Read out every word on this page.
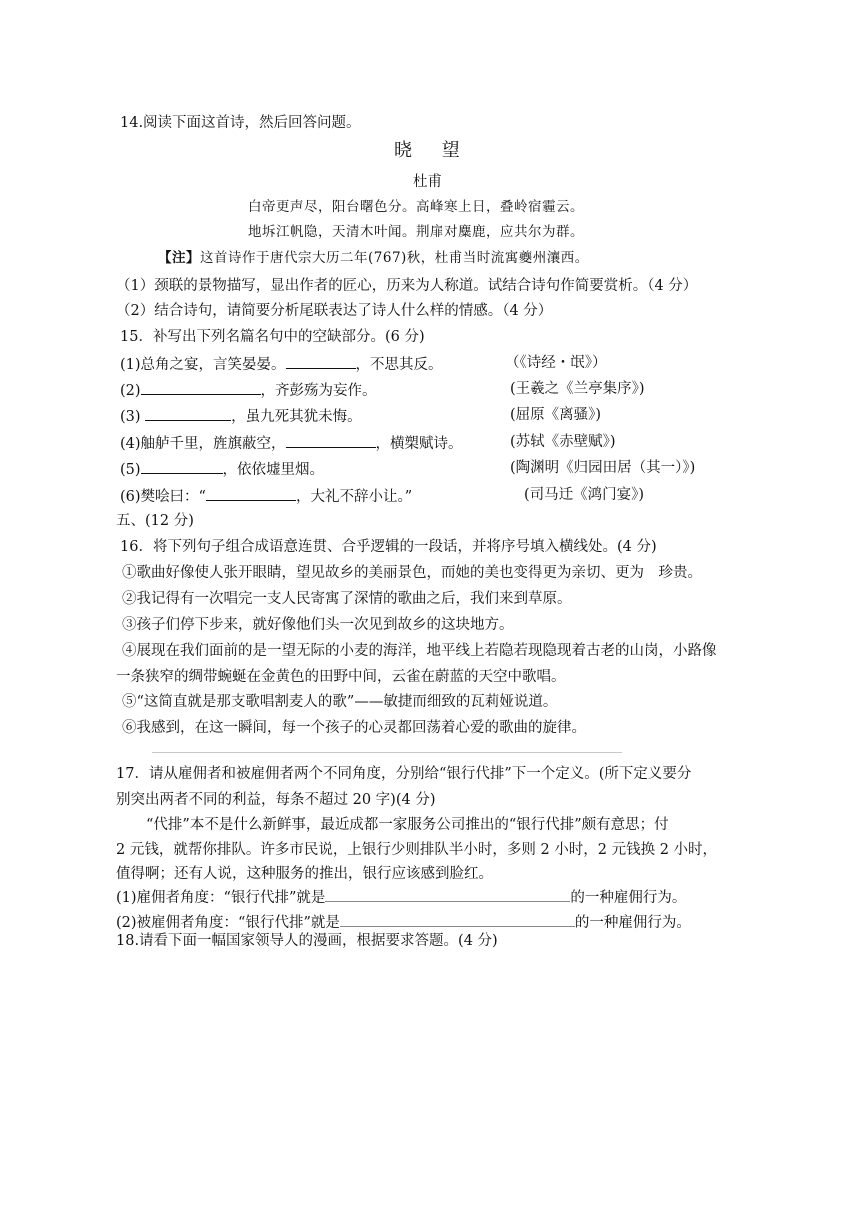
14.阅读下面这首诗，然后回答问题。
晓 望
杜甫
白帝更声尽，阳台曙色分。高峰寒上日，叠岭宿霾云。
地坼江帆隐，天清木叶闻。荆扉对麋鹿，应共尔为群。
【注】这首诗作于唐代宗大历二年(767)秋，杜甫当时流寓夔州瀼西。
（1）颈联的景物描写，显出作者的匠心，历来为人称道。试结合诗句作简要赏析。（4 分）
（2）结合诗句，请简要分析尾联表达了诗人什么样的情感。（4 分）
15．补写出下列名篇名句中的空缺部分。(6 分)
(1)总角之宴，言笑晏晏。	，不思其反。	（《诗经・氓》）
(2)	，齐彭殇为妄作。	(王羲之《兰亭集序》)
(3)	，虽九死其犹未悔。	(屈原《离骚》)
(4)舳舻千里，旌旗蔽空，	，横槊赋诗。	(苏轼《赤壁赋》)
(5)	，依依墟里烟。	(陶渊明《归园田居（其一）》)
(6)樊哙曰：“	，大礼不辞小让。”	(司马迁《鸿门宴》)
五、(12 分)
16．将下列句子组合成语意连贯、合乎逻辑的一段话，并将序号填入横线处。(4 分)
①歌曲好像使人张开眼睛，望见故乡的美丽景色，而她的美也变得更为亲切、更为　珍贵。
②我记得有一次唱完一支人民寄寓了深情的歌曲之后，我们来到草原。
③孩子们停下步来，就好像他们头一次见到故乡的这块地方。
④展现在我们面前的是一望无际的小麦的海洋，地平线上若隐若现隐现着古老的山岗，小路像
一条狭窄的绸带蜿蜒在金黄色的田野中间，云雀在蔚蓝的天空中歌唱。
⑤“这简直就是那支歌唱割麦人的歌”——敏捷而细致的瓦莉娅说道。
⑥我感到，在这一瞬间，每一个孩子的心灵都回荡着心爱的歌曲的旋律。
17．请从雇佣者和被雇佣者两个不同角度，分别给“银行代排”下一个定义。(所下定义要分
别突出两者不同的利益，每条不超过 20 字)(4 分)
“代排”本不是什么新鲜事，最近成都一家服务公司推出的“银行代排”颇有意思；付
2 元钱，就帮你排队。许多市民说，上银行少则排队半小时，多则 2 小时，2 元钱换 2 小时，
值得啊；还有人说，这种服务的推出，银行应该感到脸红。
(1)雇佣者角度：“银行代排”就是	的一种雇佣行为。
(2)被雇佣者角度：“银行代排”就是	的一种雇佣行为。
18.请看下面一幅国家领导人的漫画，根据要求答题。(4 分)
